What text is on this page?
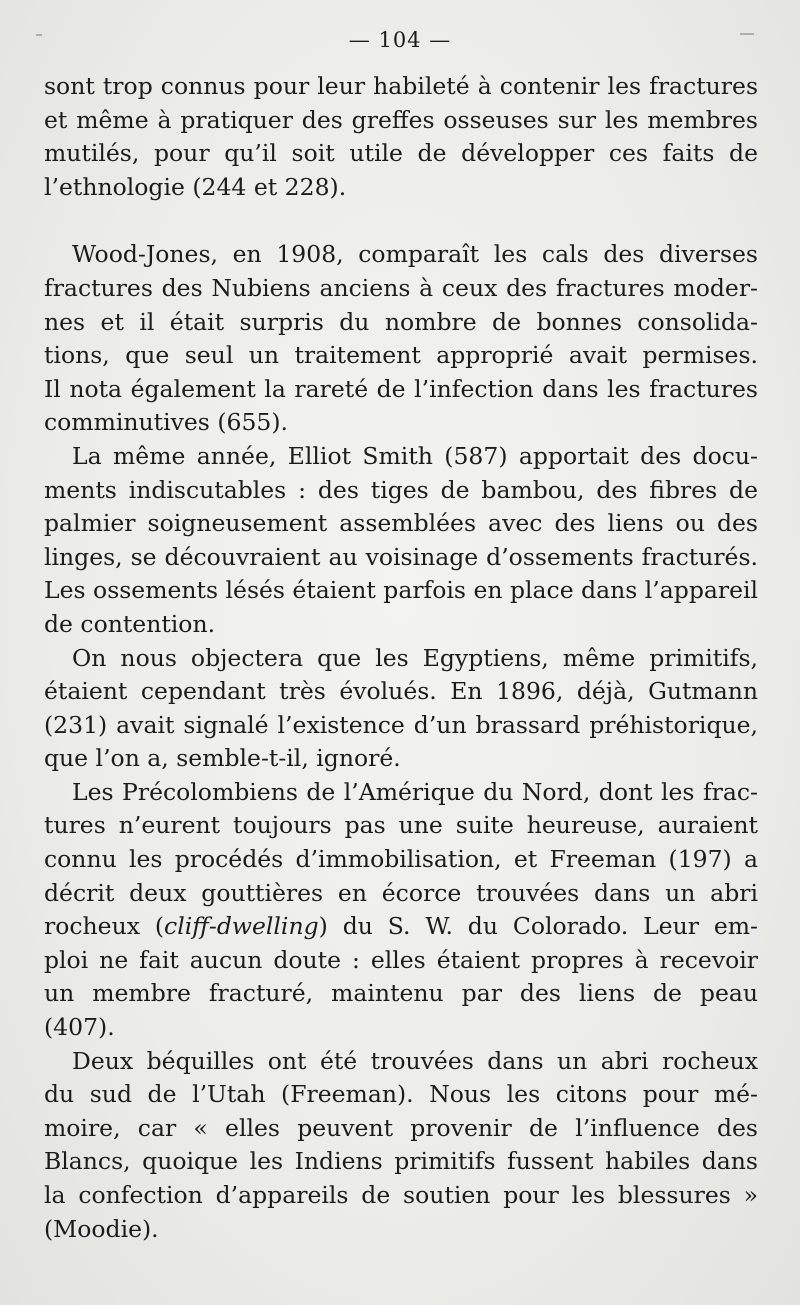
— 104 —

sont trop connus pour leur habileté à contenir les fractures
et même à pratiquer des greffes osseuses sur les membres
mutilés, pour qu’il soit utile de développer ces faits de
l’ethnologie (244 et 228).

Wood-Jones, en 1908, comparaît les cals des diverses
fractures des Nubiens anciens à ceux des fractures moder-
nes et il était surpris du nombre de bonnes consolida-
tions, que seul un traitement approprié avait permises.
Il nota également la rareté de l’infection dans les fractures
comminutives (655).

La même année, Elliot Smith (587) apportait des docu-
ments indiscutables : des tiges de bambou, des fibres de
palmier soigneusement assemblées avec des liens ou des
linges, se découvraient au voisinage d’ossements fracturés.
Les ossements lésés étaient parfois en place dans l’appareil
de contention.

On nous objectera que les Egyptiens, même primitifs,
étaient cependant très évolués. En 1896, déjà, Gutmann
(231) avait signalé l’existence d’un brassard préhistorique,
que l’on a, semble-t-il, ignoré.

Les Précolombiens de l’Amérique du Nord, dont les frac-
tures n’eurent toujours pas une suite heureuse, auraient
connu les procédés d’immobilisation, et Freeman (197) a
décrit deux gouttières en écorce trouvées dans un abri
rocheux (cliff-dwelling) du S. W. du Colorado. Leur em-
ploi ne fait aucun doute : elles étaient propres à recevoir
un membre fracturé, maintenu par des liens de peau
(407).

Deux béquilles ont été trouvées dans un abri rocheux
du sud de l’Utah (Freeman). Nous les citons pour mé-
moire, car « elles peuvent provenir de l’influence des
Blancs, quoique les Indiens primitifs fussent habiles dans
la confection d’appareils de soutien pour les blessures »
(Moodie).
